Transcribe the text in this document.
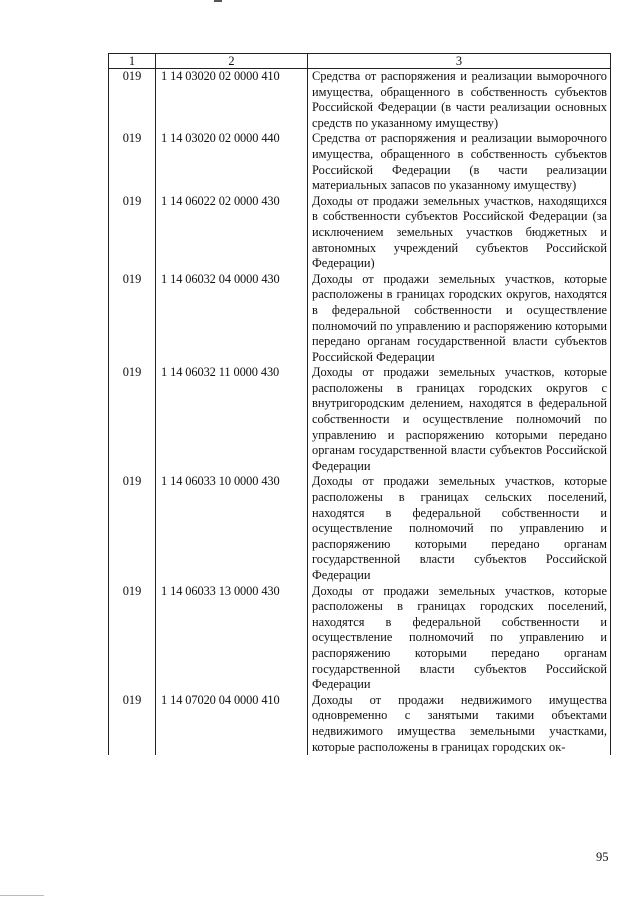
1	2	3
019	1 14 03020 02 0000 410	Средства от распоряжения и реализации выморочного имущества, обращенного в собственность субъектов Российской Федерации (в части реализации основных средств по указанному имуществу)
019	1 14 03020 02 0000 440	Средства от распоряжения и реализации выморочного имущества, обращенного в собственность субъектов Российской Федерации (в части реализации материальных запасов по указанному имуществу)
019	1 14 06022 02 0000 430	Доходы от продажи земельных участков, находящихся в собственности субъектов Российской Федерации (за исключением земельных участков бюджетных и автономных учреждений субъектов Российской Федерации)
019	1 14 06032 04 0000 430	Доходы от продажи земельных участков, которые расположены в границах городских округов, находятся в федеральной собственности и осуществление полномочий по управлению и распоряжению которыми передано органам государственной власти субъектов Российской Федерации
019	1 14 06032 11 0000 430	Доходы от продажи земельных участков, которые расположены в границах городских округов с внутригородским делением, находятся в федеральной собственности и осуществление полномочий по управлению и распоряжению которыми передано органам государственной власти субъектов Российской Федерации
019	1 14 06033 10 0000 430	Доходы от продажи земельных участков, которые расположены в границах сельских поселений, находятся в федеральной собственности и осуществление полномочий по управлению и распоряжению которыми передано органам государственной власти субъектов Российской Федерации
019	1 14 06033 13 0000 430	Доходы от продажи земельных участков, которые расположены в границах городских поселений, находятся в федеральной собственности и осуществление полномочий по управлению и распоряжению которыми передано органам государственной власти субъектов Российской Федерации
019	1 14 07020 04 0000 410	Доходы от продажи недвижимого имущества одновременно с занятыми такими объектами недвижимого имущества земельными участками, которые расположены в границах городских ок-
95
